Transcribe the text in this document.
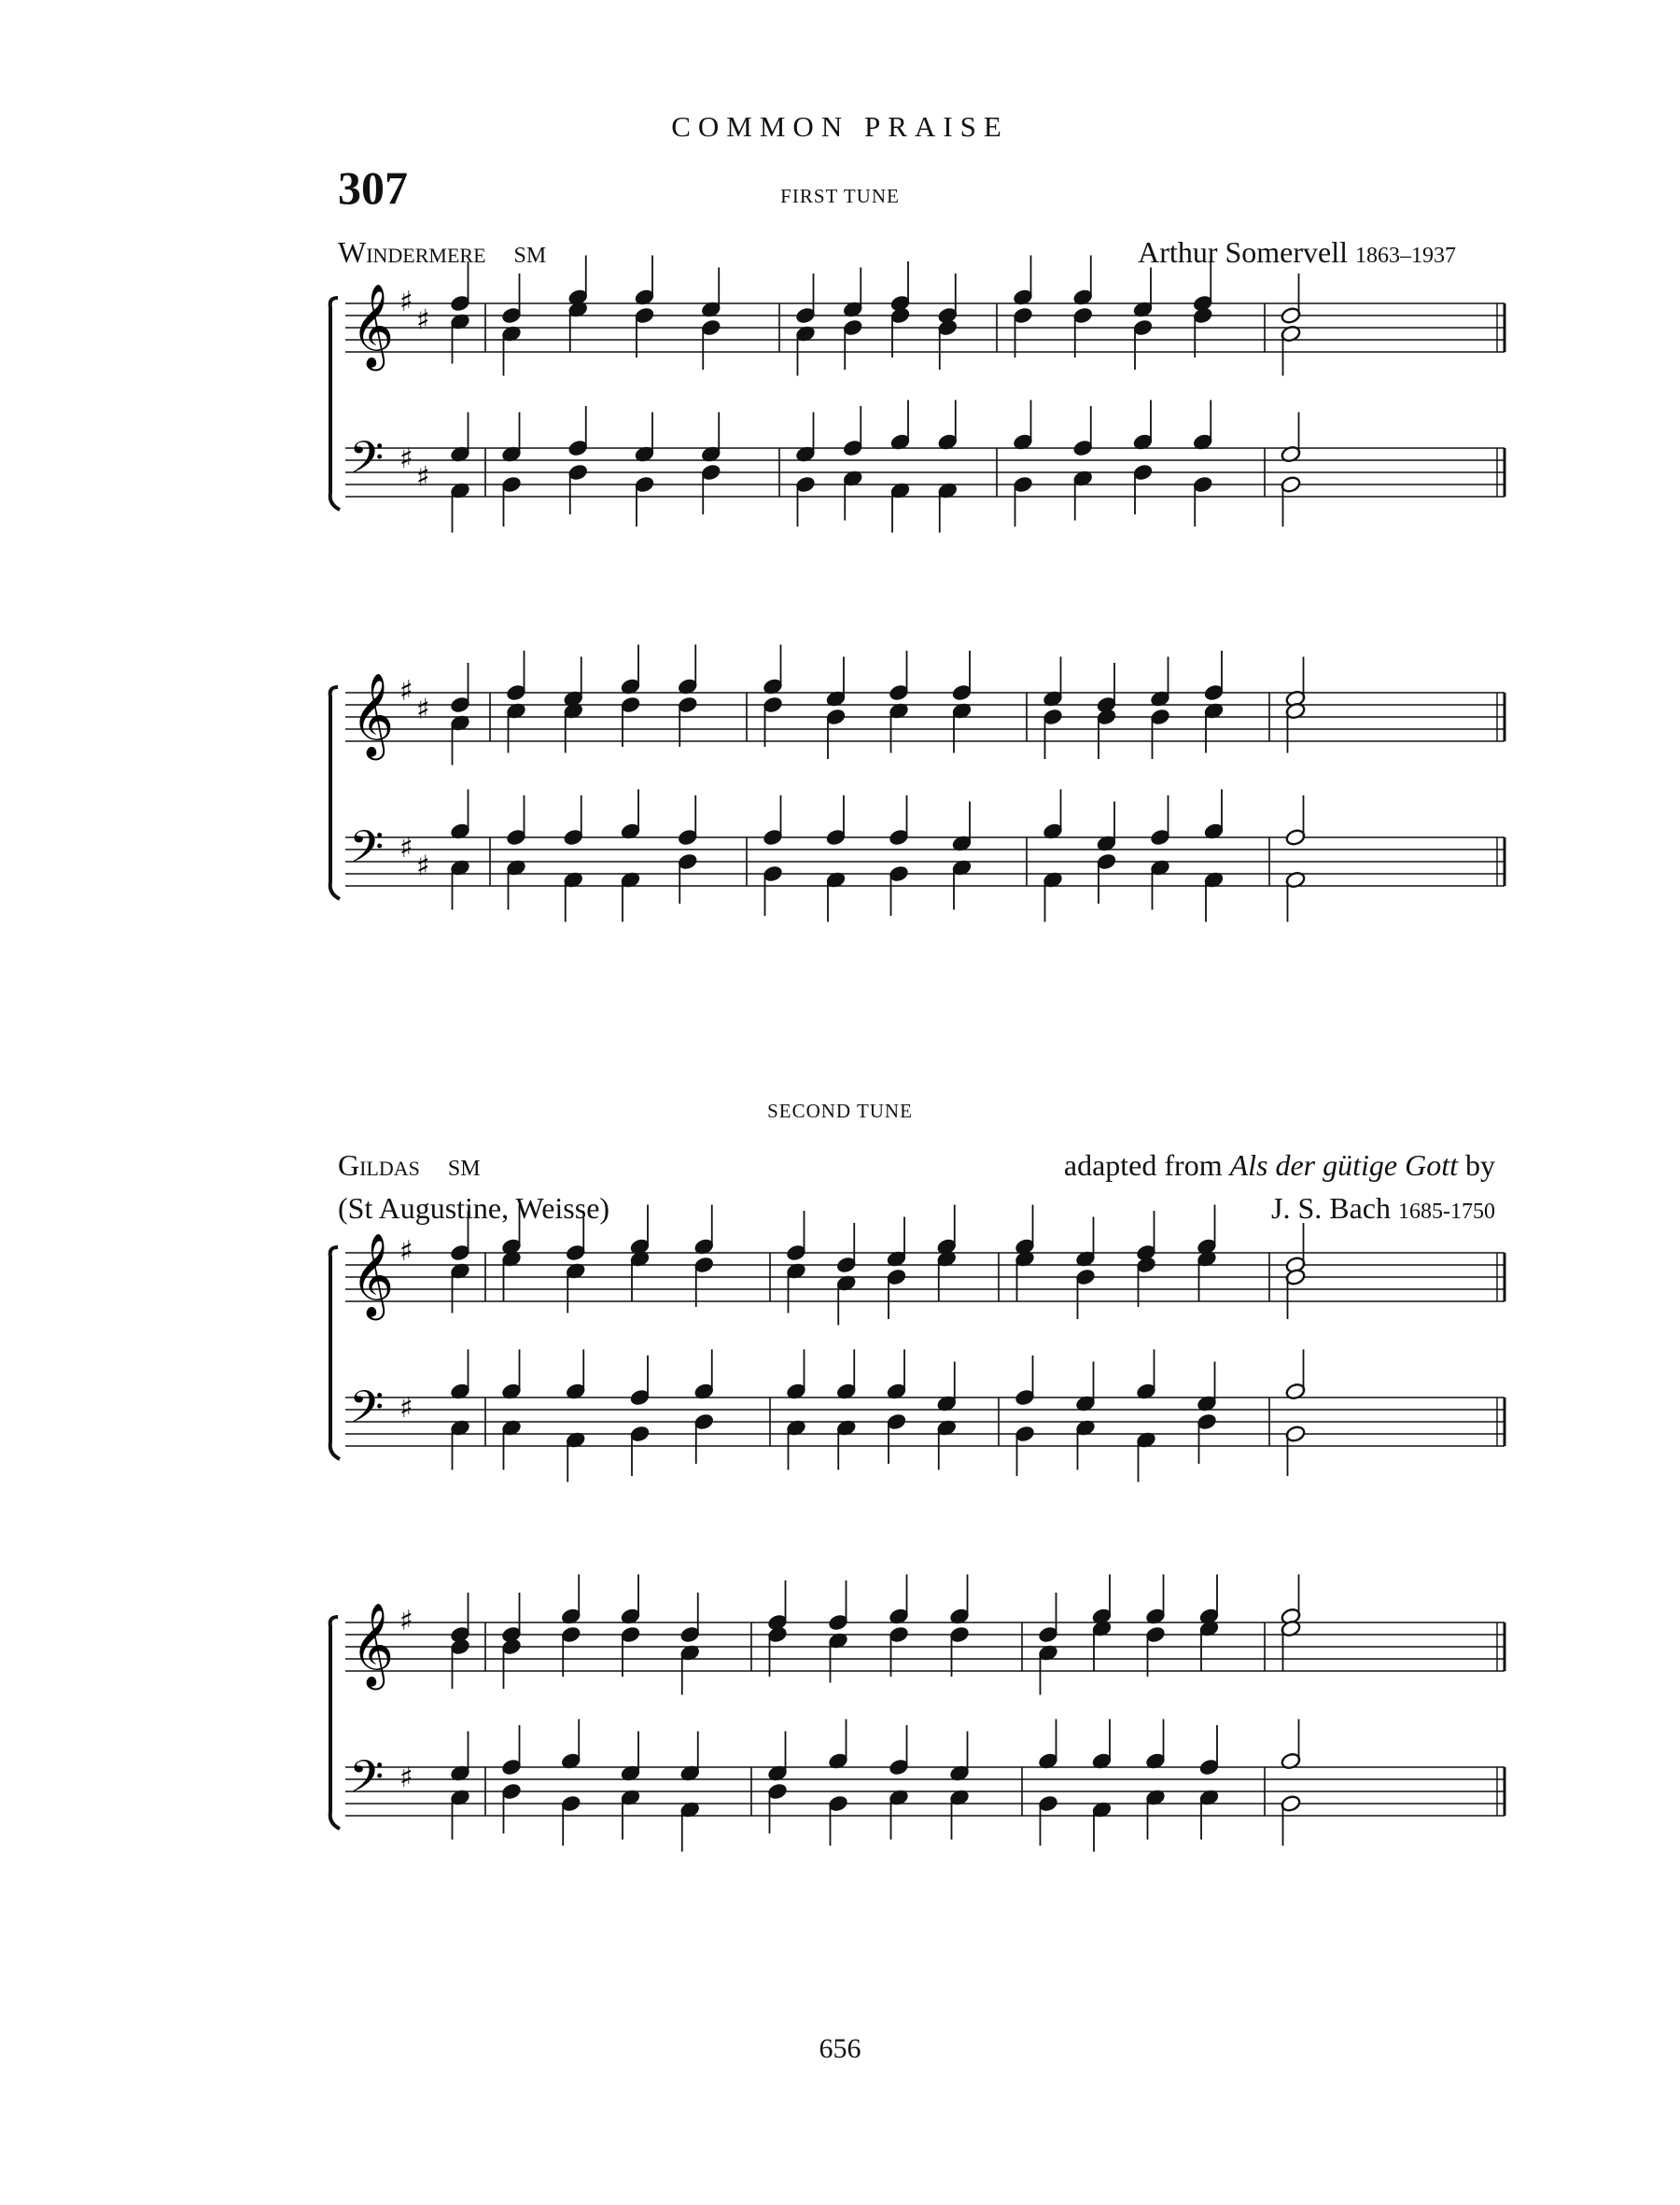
COMMON PRAISE
307	FIRST TUNE
Windermere SM	Arthur Somervell 1863–1937
𝄞
𝄢
♯
♯
♯
♯
𝄞
𝄢
♯
♯
♯
♯
SECOND TUNE
Gildas SM
(St Augustine, Weisse)
adapted from Als der gütige Gott by
J. S. Bach 1685-1750
𝄞
𝄢
♯
♯
𝄞
𝄢
♯
♯
656
